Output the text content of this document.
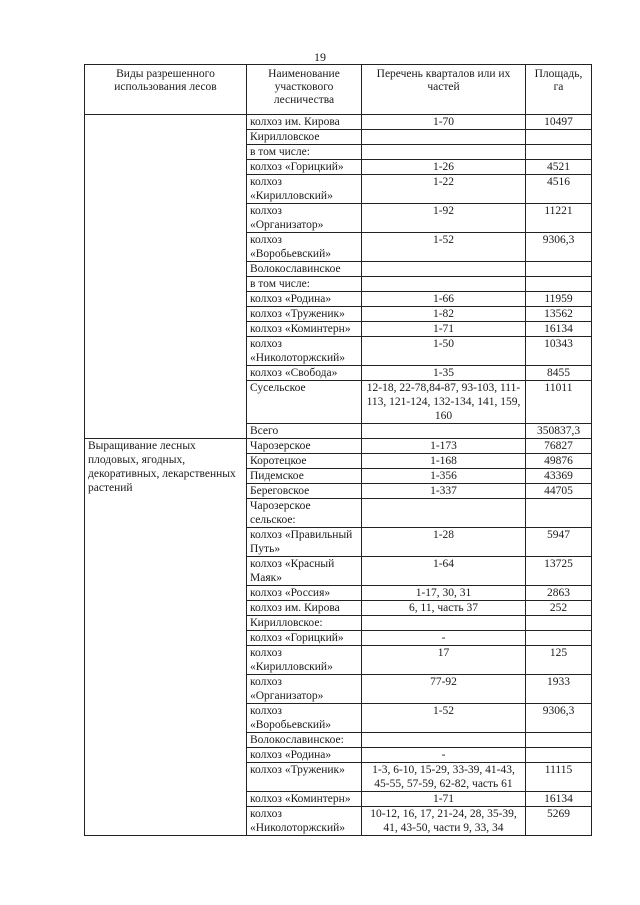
19
Виды разрешенного использования лесов	Наименование участкового лесничества	Перечень кварталов или их частей	Площадь, га
	колхоз им. Кирова	1-70	10497
	Кирилловское		
	в том числе:		
	колхоз «Горицкий»	1-26	4521
	колхоз «Кирилловский»	1-22	4516
	колхоз «Организатор»	1-92	11221
	колхоз «Воробьевский»	1-52	9306,3
	Волокославинское		
	в том числе:		
	колхоз «Родина»	1-66	11959
	колхоз «Труженик»	1-82	13562
	колхоз «Коминтерн»	1-71	16134
	колхоз «Николоторжский»	1-50	10343
	колхоз «Свобода»	1-35	8455
	Сусельское	12-18, 22-78,84-87, 93-103, 111-113, 121-124, 132-134, 141, 159, 160	11011
	Всего		350837,3
Выращивание лесных плодовых, ягодных, декоративных, лекарственных растений	Чарозерское	1-173	76827
	Коротецкое	1-168	49876
	Пидемское	1-356	43369
	Береговское	1-337	44705
	Чарозерское сельское:		
	колхоз «Правильный Путь»	1-28	5947
	колхоз «Красный Маяк»	1-64	13725
	колхоз «Россия»	1-17, 30, 31	2863
	колхоз им. Кирова	6, 11, часть 37	252
	Кирилловское:		
	колхоз «Горицкий»	-	
	колхоз «Кирилловский»	17	125
	колхоз «Организатор»	77-92	1933
	колхоз «Воробьевский»	1-52	9306,3
	Волокославинское:		
	колхоз «Родина»	-	
	колхоз «Труженик»	1-3, 6-10, 15-29, 33-39, 41-43, 45-55, 57-59, 62-82, часть 61	11115
	колхоз «Коминтерн»	1-71	16134
	колхоз «Николоторжский»	10-12, 16, 17, 21-24, 28, 35-39, 41, 43-50, части 9, 33, 34	5269
